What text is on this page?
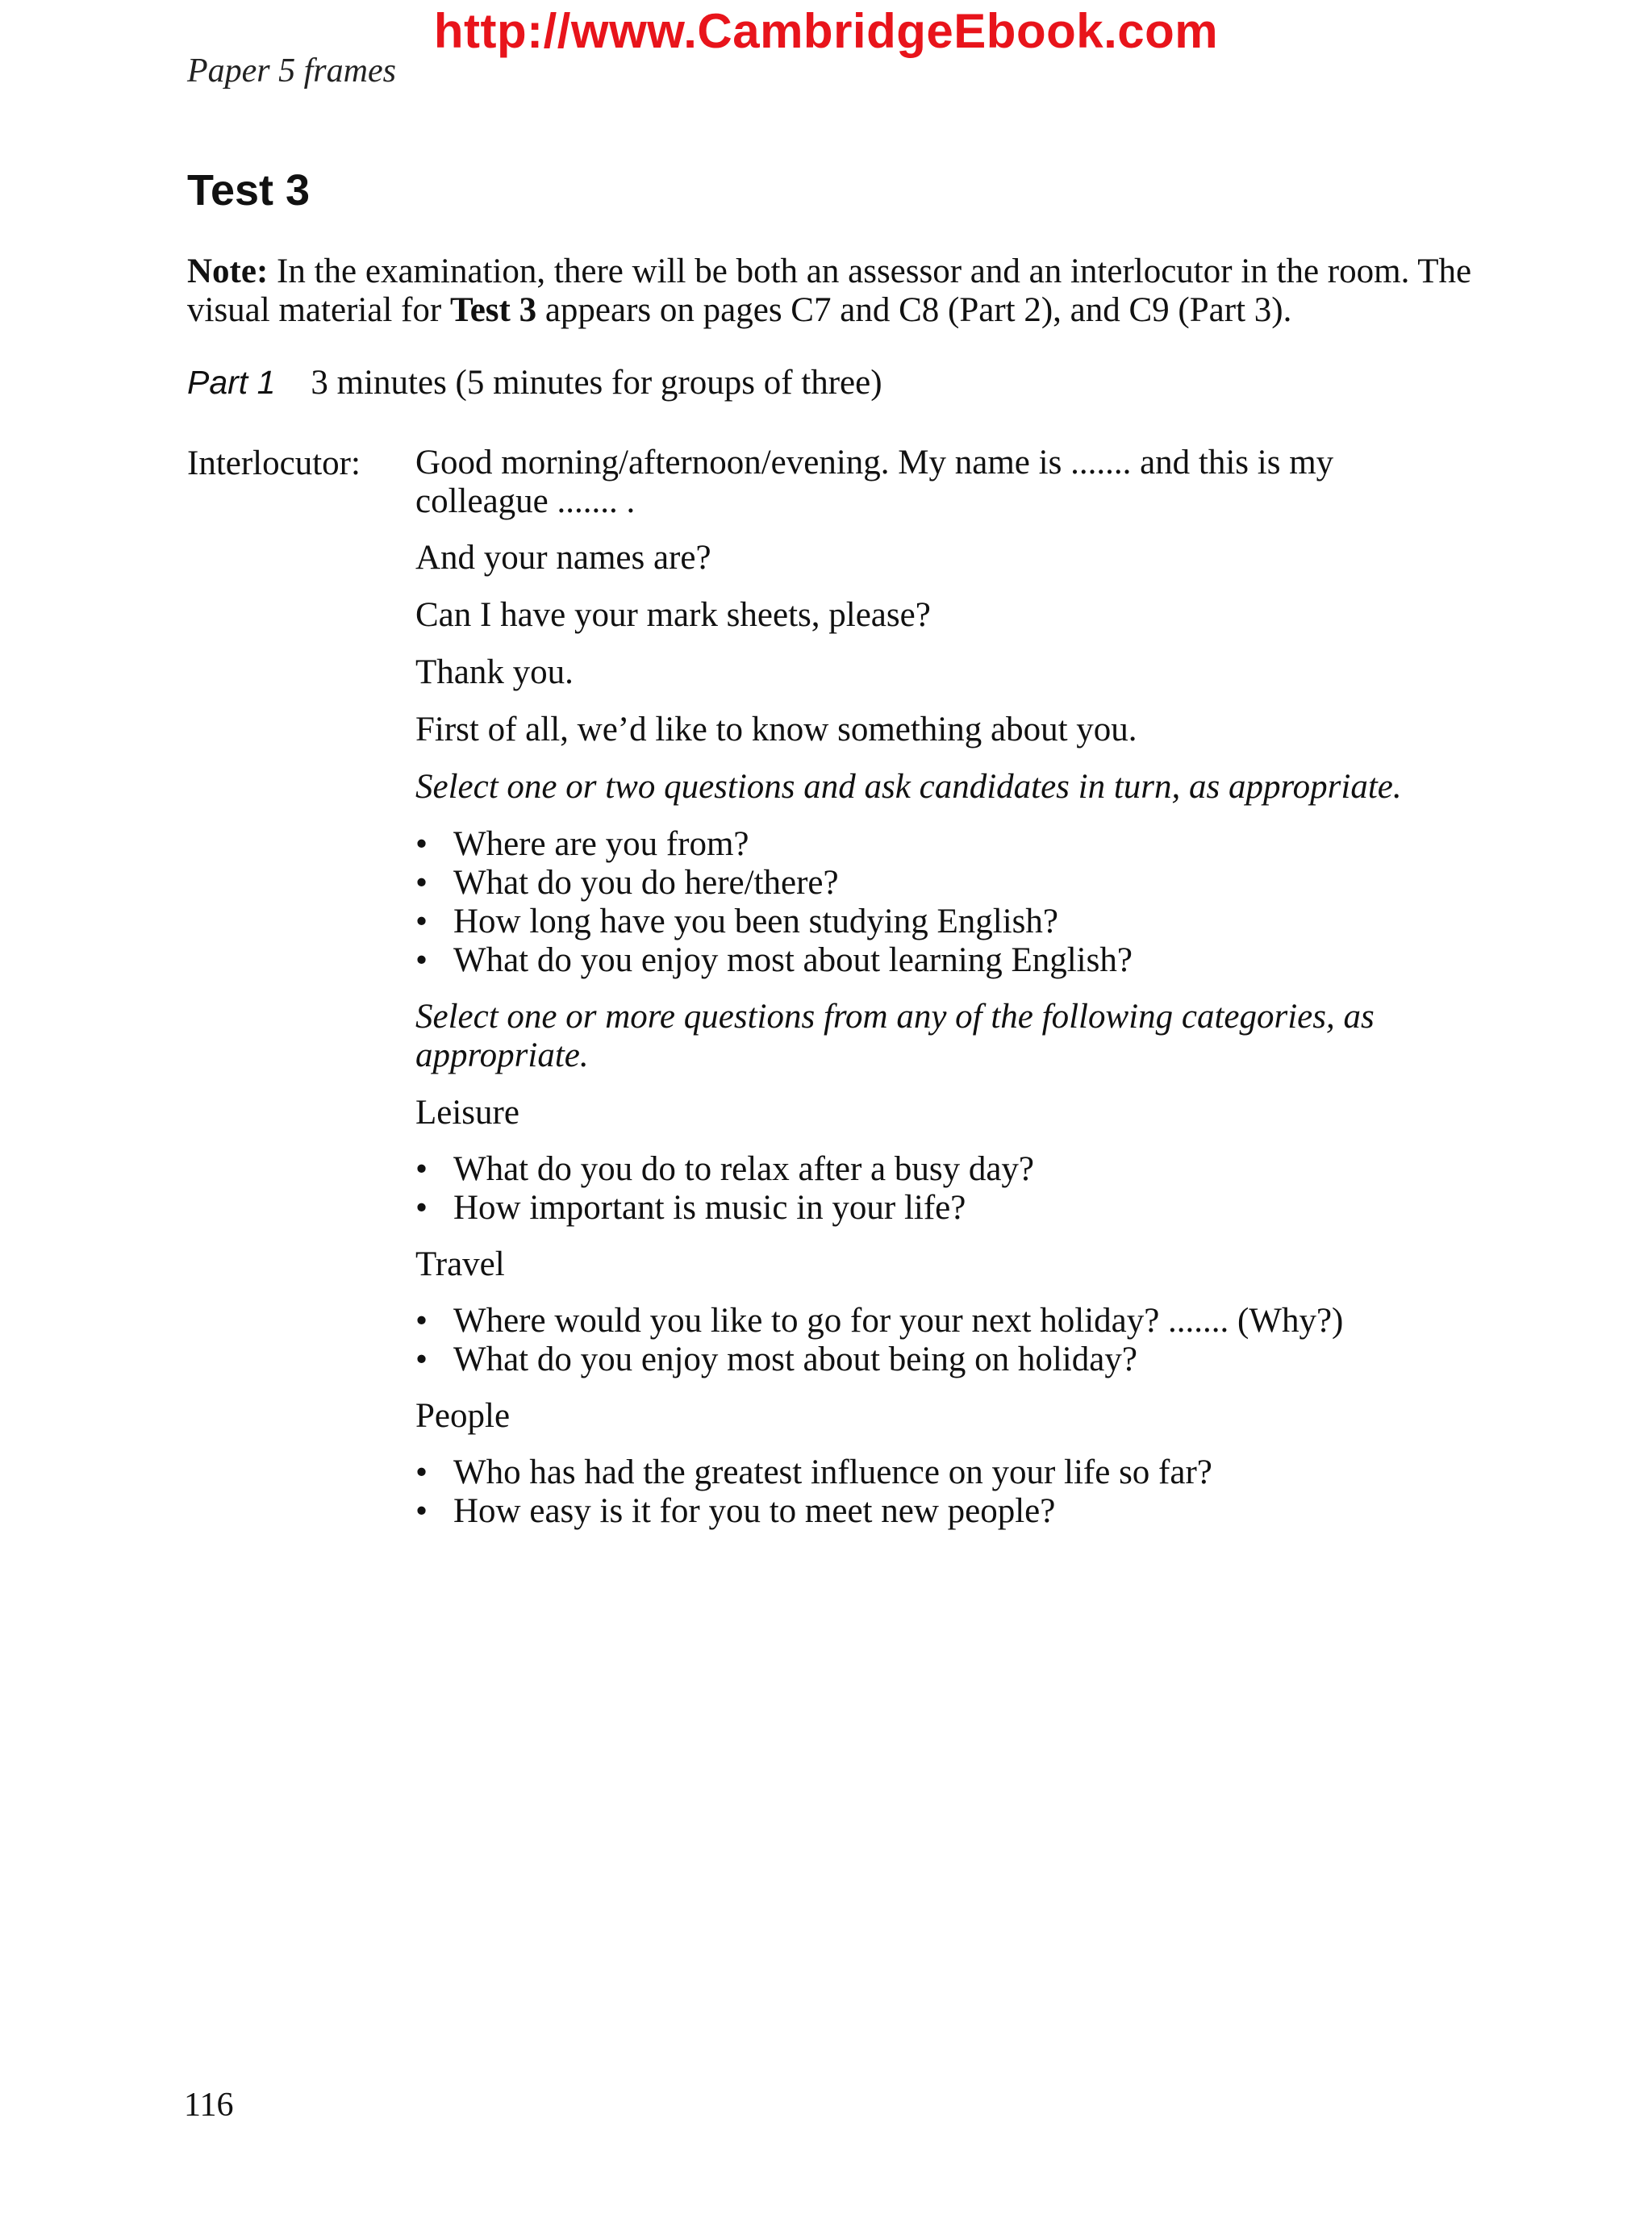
http://www.CambridgeEbook.com
Paper 5 frames
Test 3
Note: In the examination, there will be both an assessor and an interlocutor in the room. The visual material for Test 3 appears on pages C7 and C8 (Part 2), and C9 (Part 3).
Part 1 3 minutes (5 minutes for groups of three)
Interlocutor: Good morning/afternoon/evening. My name is ....... and this is my colleague ....... .

And your names are?

Can I have your mark sheets, please?

Thank you.

First of all, we’d like to know something about you.

Select one or two questions and ask candidates in turn, as appropriate.

• Where are you from?
• What do you do here/there?
• How long have you been studying English?
• What do you enjoy most about learning English?

Select one or more questions from any of the following categories, as appropriate.

Leisure

• What do you do to relax after a busy day?
• How important is music in your life?

Travel

• Where would you like to go for your next holiday? ....... (Why?)
• What do you enjoy most about being on holiday?

People

• Who has had the greatest influence on your life so far?
• How easy is it for you to meet new people?
116
